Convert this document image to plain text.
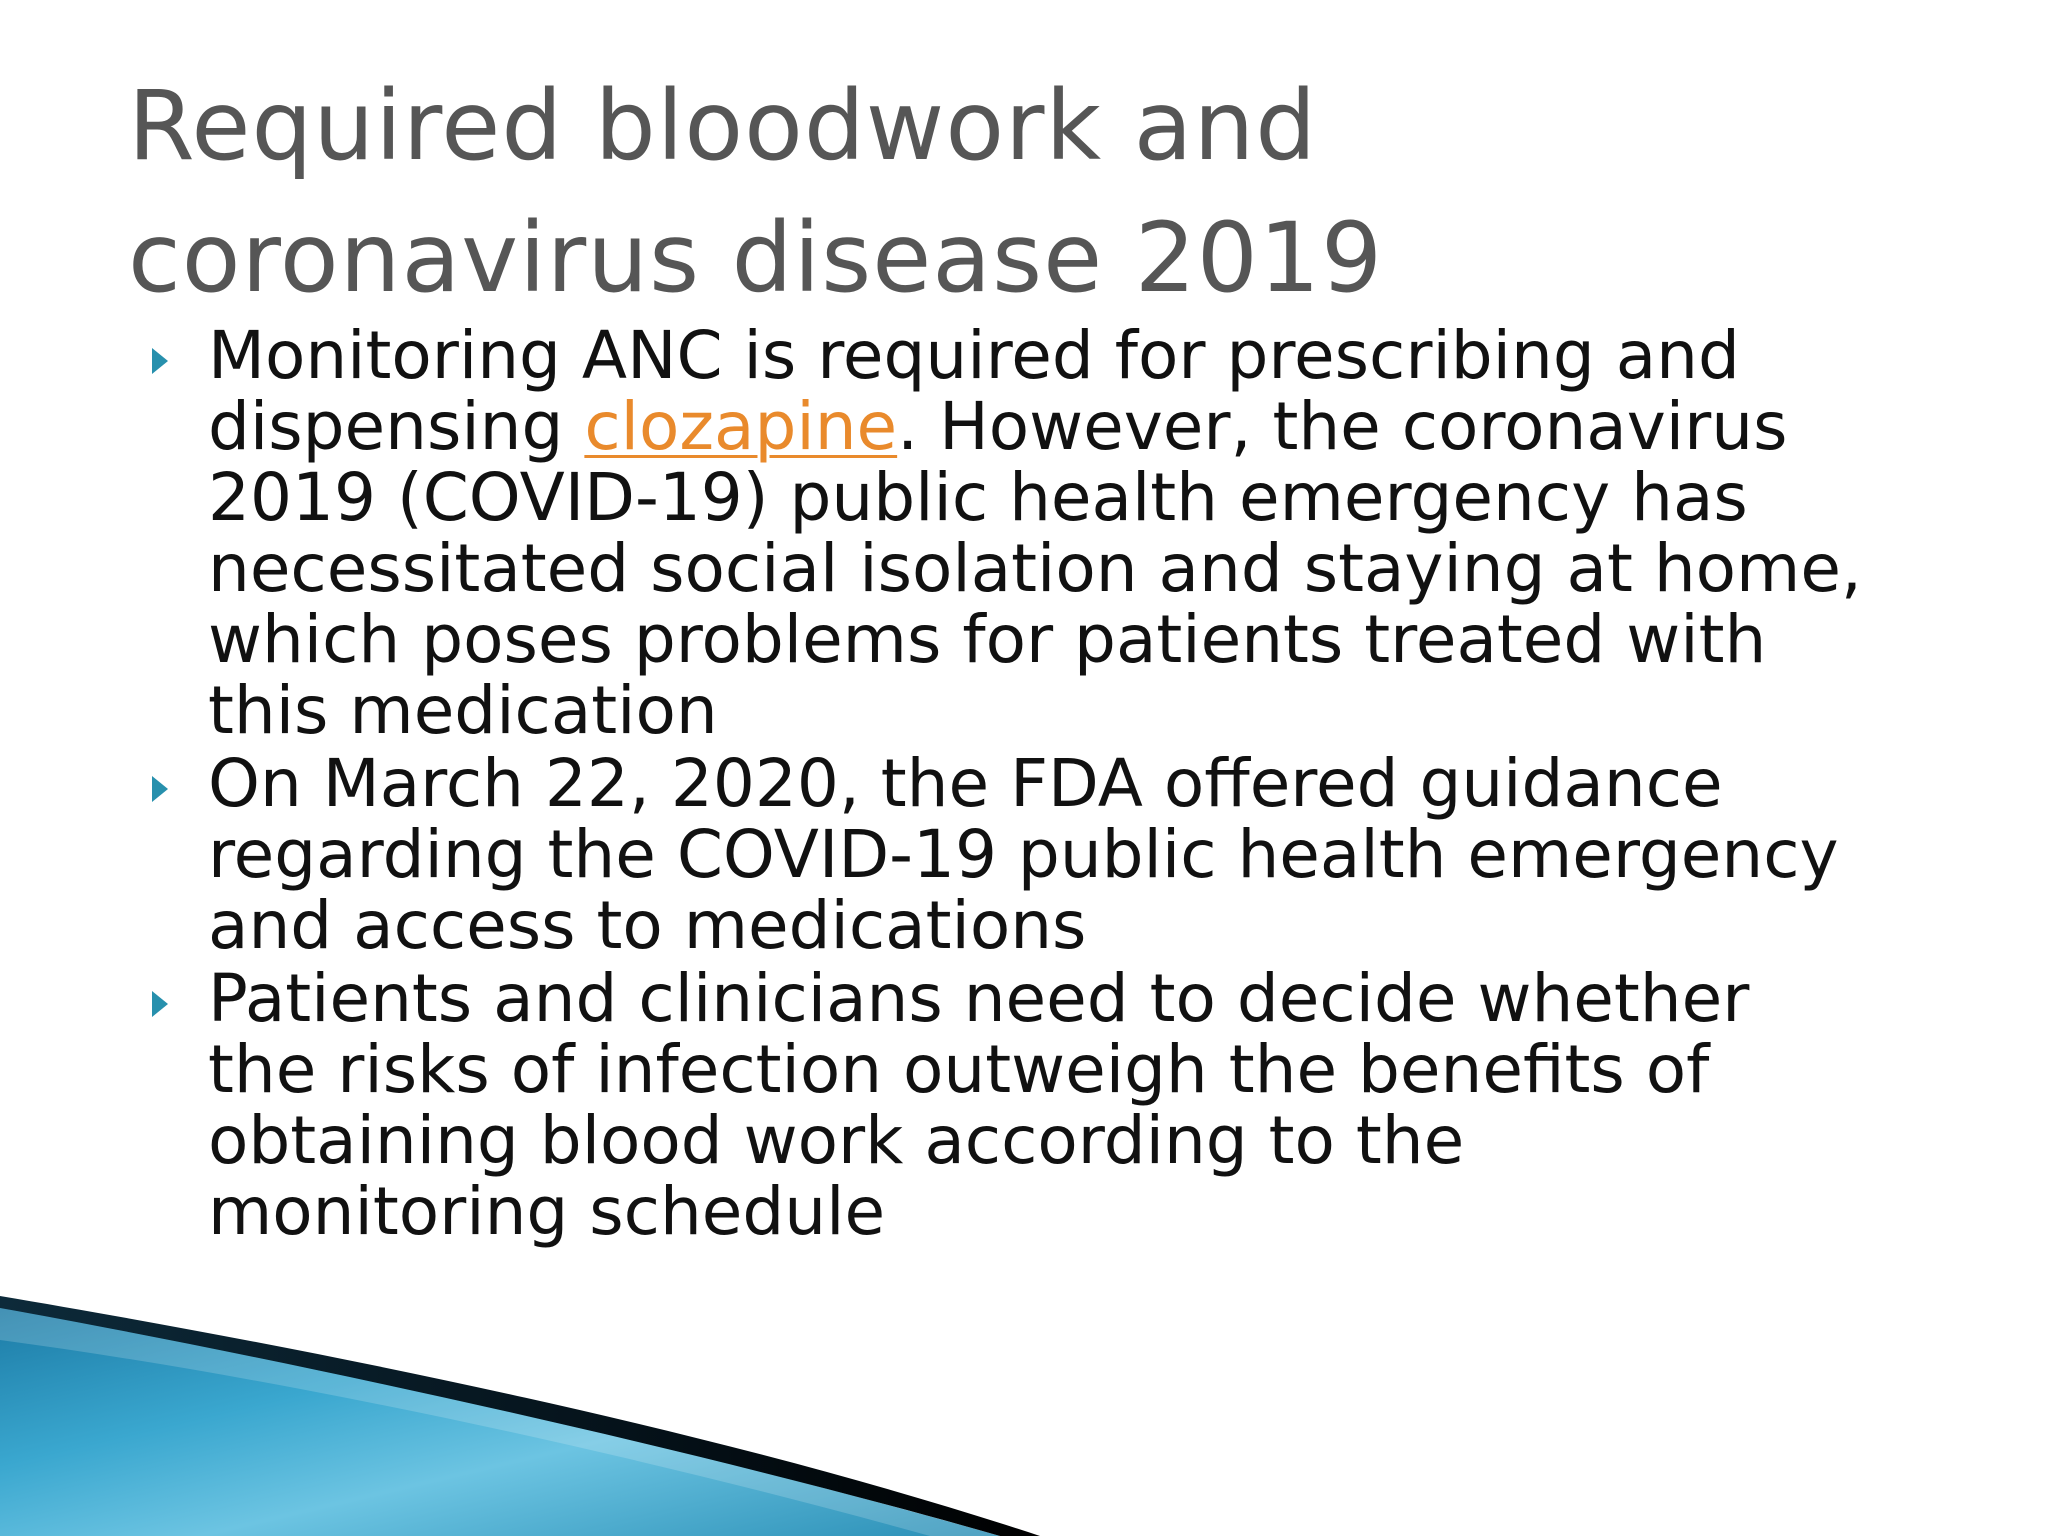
Required bloodwork and
coronavirus disease 2019
Monitoring ANC is required for prescribing and
dispensing clozapine. However, the coronavirus
2019 (COVID-19) public health emergency has
necessitated social isolation and staying at home,
which poses problems for patients treated with
this medication
On March 22, 2020, the FDA offered guidance
regarding the COVID-19 public health emergency
and access to medications
Patients and clinicians need to decide whether
the risks of infection outweigh the benefits of
obtaining blood work according to the
monitoring schedule
